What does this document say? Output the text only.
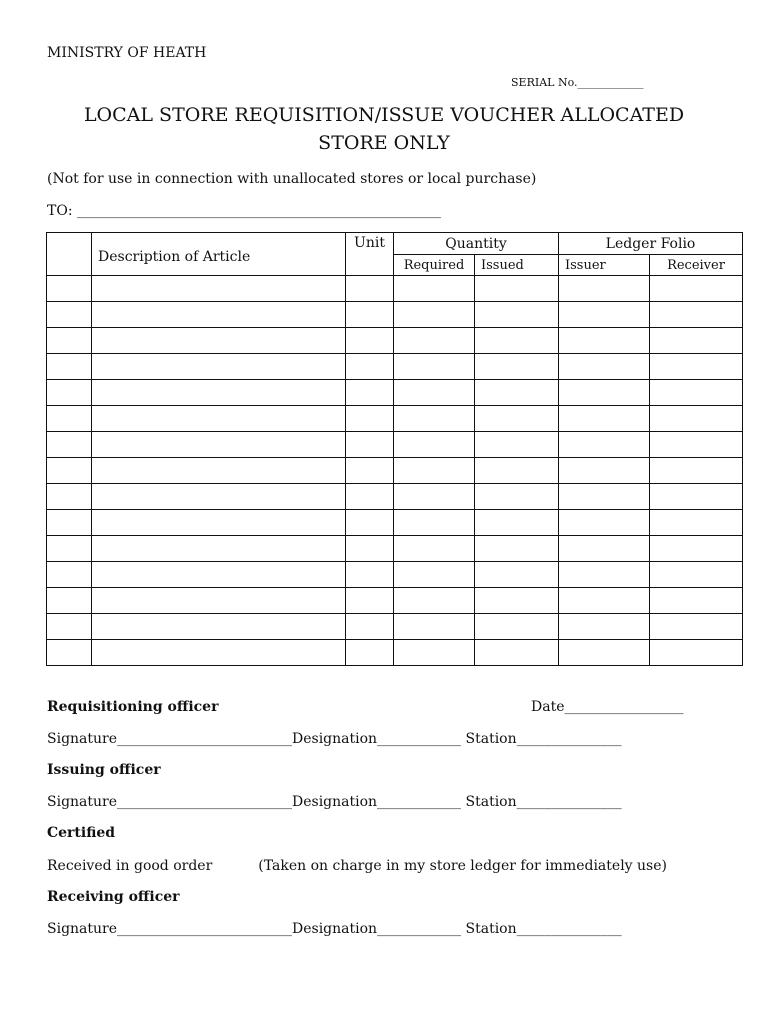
MINISTRY OF HEATH
SERIAL No.____________
LOCAL STORE REQUISITION/ISSUE VOUCHER ALLOCATED
STORE ONLY
(Not for use in connection with unallocated stores or local purchase)
TO: ____________________________________________________
	Description of Article	Unit	Quantity		Ledger Folio	
			Required	Issued	Issuer	Receiver

Requisitioning officer	Date_________________
Signature_________________________Designation____________ Station_______________
Issuing officer
Signature_________________________Designation____________ Station_______________
Certified
Received in good order	(Taken on charge in my store ledger for immediately use)
Receiving officer
Signature_________________________Designation____________ Station_______________
